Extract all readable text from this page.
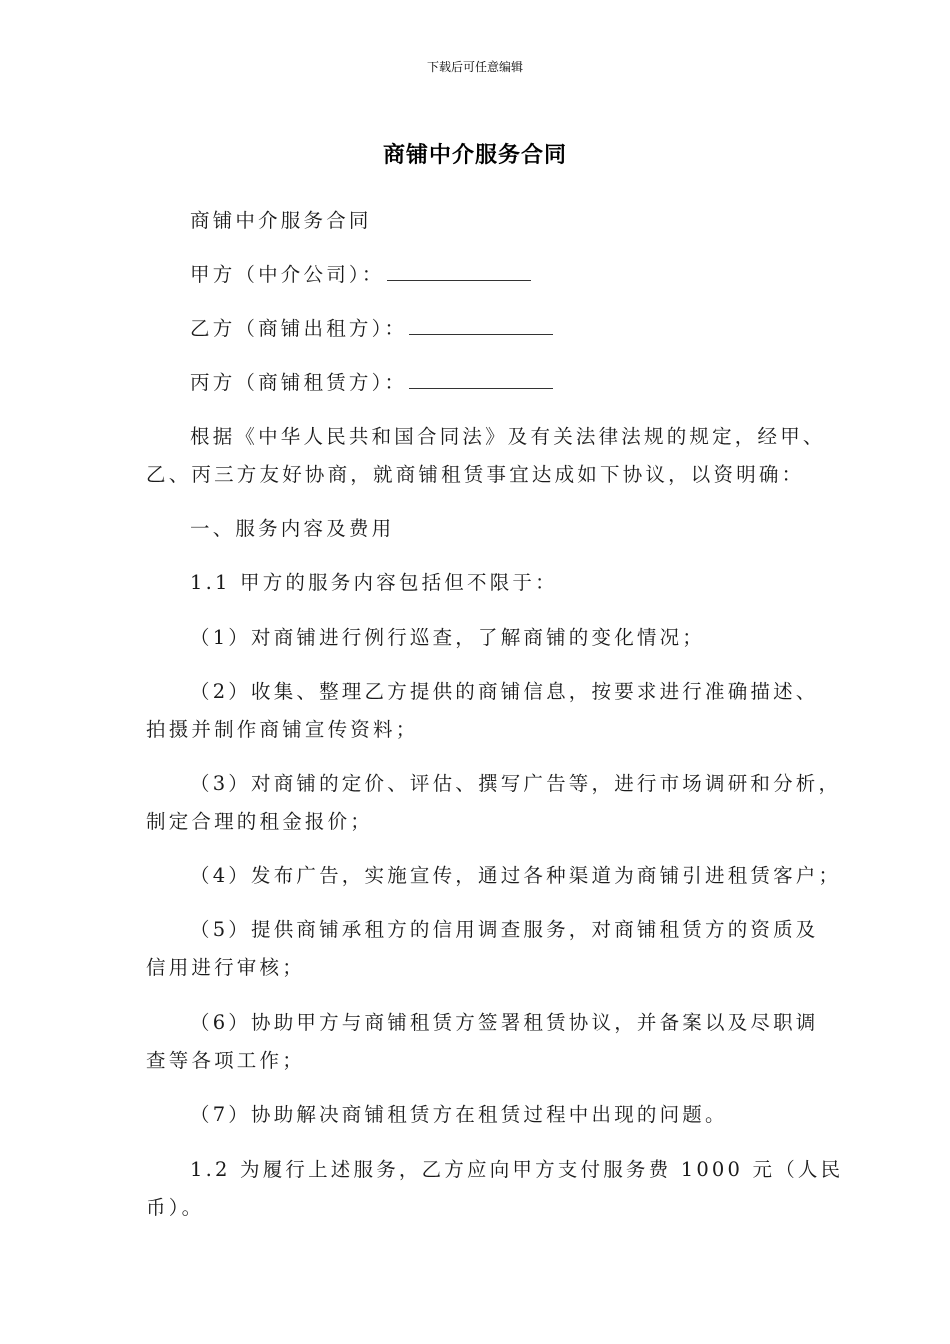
下载后可任意编辑
商铺中介服务合同
商铺中介服务合同
甲方（中介公司）：
乙方（商铺出租方）：
丙方（商铺租赁方）：
根据《中华人民共和国合同法》及有关法律法规的规定，经甲、
乙、丙三方友好协商，就商铺租赁事宜达成如下协议，以资明确：
一、服务内容及费用
1.1 甲方的服务内容包括但不限于：
（1）对商铺进行例行巡查，了解商铺的变化情况；
（2）收集、整理乙方提供的商铺信息，按要求进行准确描述、
拍摄并制作商铺宣传资料；
（3）对商铺的定价、评估、撰写广告等，进行市场调研和分析，
制定合理的租金报价；
（4）发布广告，实施宣传，通过各种渠道为商铺引进租赁客户；
（5）提供商铺承租方的信用调查服务，对商铺租赁方的资质及
信用进行审核；
（6）协助甲方与商铺租赁方签署租赁协议，并备案以及尽职调
查等各项工作；
（7）协助解决商铺租赁方在租赁过程中出现的问题。
1.2 为履行上述服务，乙方应向甲方支付服务费 1000 元（人民
币）。
